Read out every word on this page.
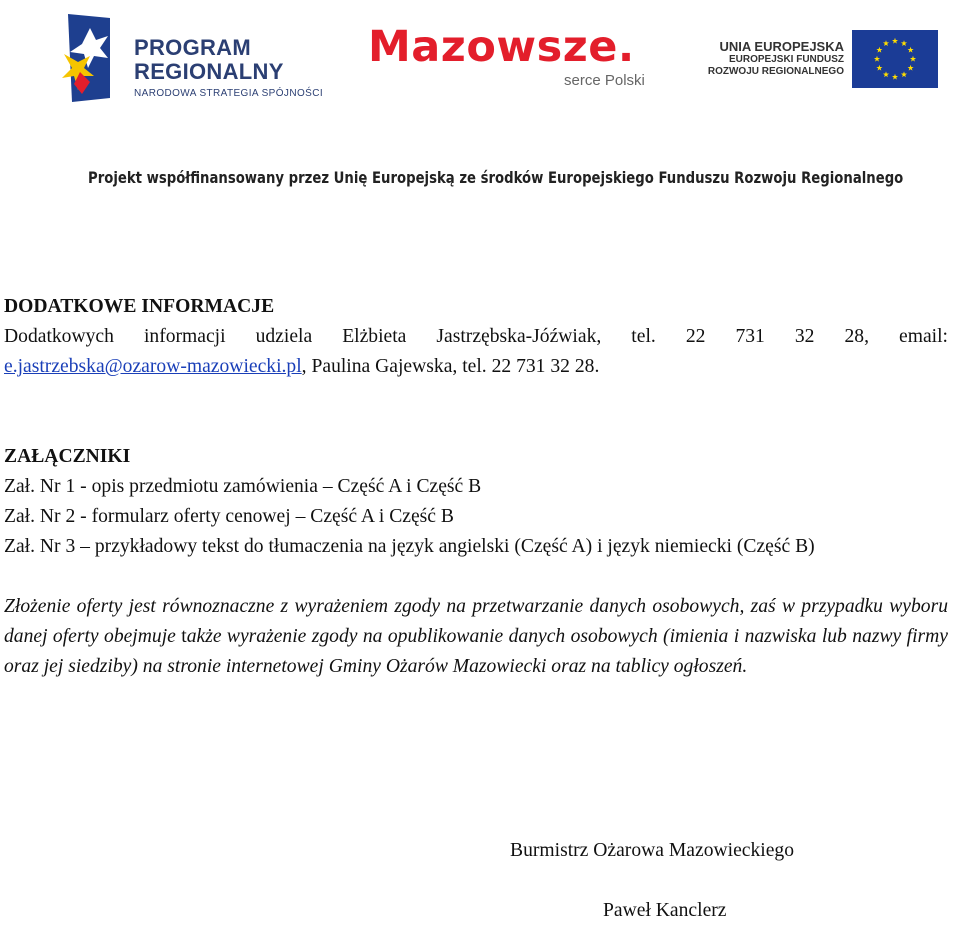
PROGRAM
REGIONALNY
NARODOWA STRATEGIA SPÓJNOŚCI
Mazowsze.
serce Polski
UNIA EUROPEJSKA
EUROPEJSKI FUNDUSZ
ROZWOJU REGIONALNEGO
Projekt współfinansowany przez Unię Europejską ze środków Europejskiego Funduszu Rozwoju Regionalnego

DODATKOWE INFORMACJE

Dodatkowych informacji udziela Elżbieta Jastrzębska-Jóźwiak, tel. 22 731 32 28, email:
e.jastrzebska@ozarow-mazowiecki.pl, Paulina Gajewska, tel. 22 731 32 28.

ZAŁĄCZNIKI

Zał. Nr 1 - opis przedmiotu zamówienia – Część A i Część B

Zał. Nr 2 - formularz oferty cenowej – Część A i Część B

Zał. Nr 3 – przykładowy tekst do tłumaczenia na język angielski (Część A) i język niemiecki (Część B)

Złożenie oferty jest równoznaczne z wyrażeniem zgody na przetwarzanie danych osobowych, zaś w przypadku wyboru danej oferty obejmuje także wyrażenie zgody na opublikowanie danych osobowych (imienia i nazwiska lub nazwy firmy oraz jej siedziby) na stronie internetowej Gminy Ożarów Mazowiecki oraz na tablicy ogłoszeń.

Burmistrz Ożarowa Mazowieckiego
Paweł Kanclerz
